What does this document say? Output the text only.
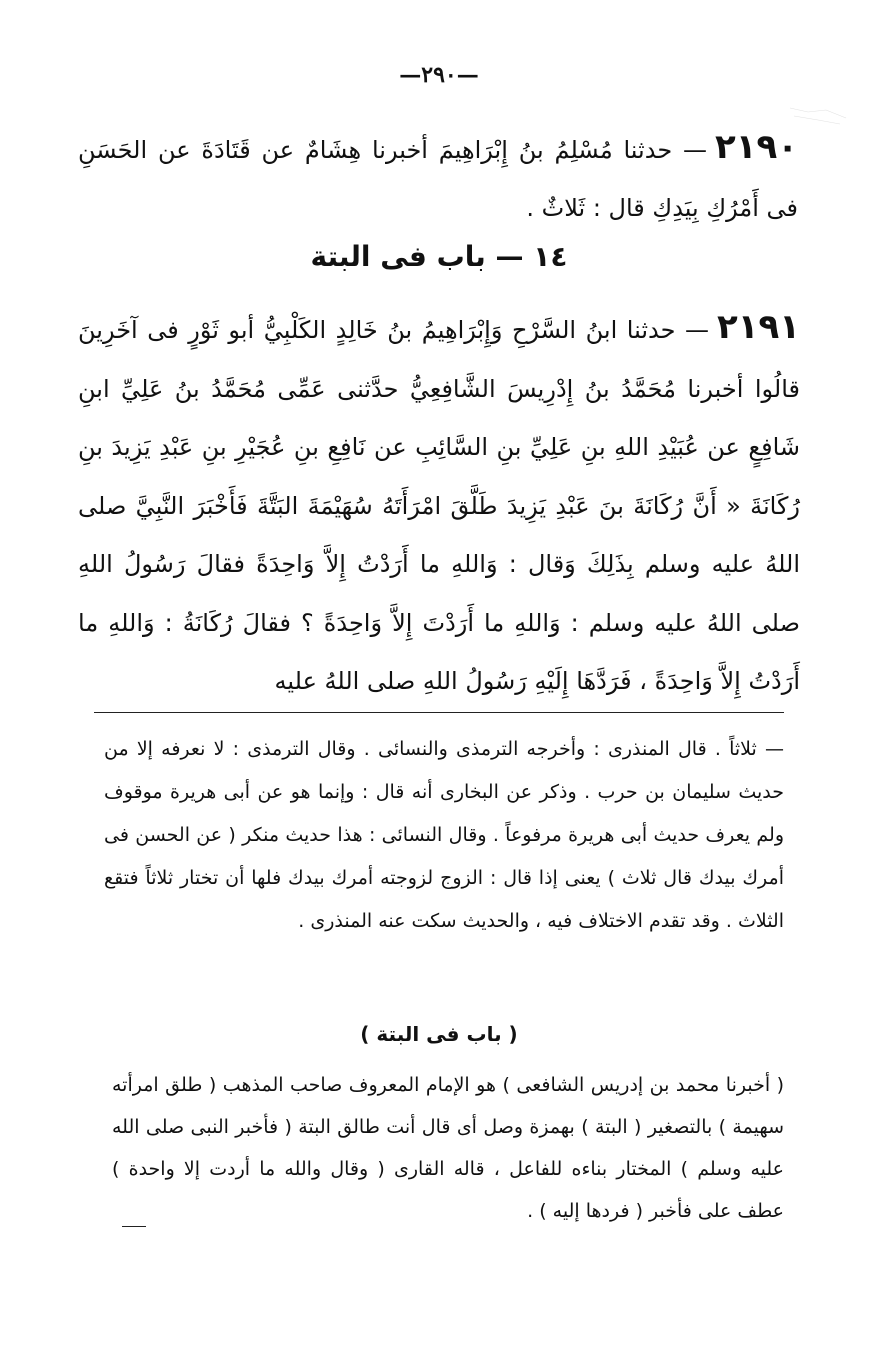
—٢٩٠—
٢١٩٠— حدثنا مُسْلِمُ بنُ إِبْرَاهِيمَ أخبرنا هِشَامٌ عن قَتَادَةَ عن الحَسَنِ فى أَمْرُكِ بِيَدِكِ قال : ثَلاثٌ .
١٤ — باب فى البتة
٢١٩١— حدثنا ابنُ السَّرْحِ وَإِبْرَاهِيمُ بنُ خَالِدٍ الكَلْبِيُّ أبو ثَوْرٍ فى آخَرِينَ قالُوا أخبرنا مُحَمَّدُ بنُ إِدْرِيسَ الشَّافِعِيُّ حدَّثنى عَمِّى مُحَمَّدُ بنُ عَلِيِّ ابنِ شَافِعٍ عن عُبَيْدِ اللهِ بنِ عَلِيِّ بنِ السَّائِبِ عن نَافِعِ بنِ عُجَيْرِ بنِ عَبْدِ يَزِيدَ بنِ رُكَانَةَ « أَنَّ رُكَانَةَ بنَ عَبْدِ يَزِيدَ طَلَّقَ امْرَأَتَهُ سُهَيْمَةَ البَتَّةَ فَأَخْبَرَ النَّبِيَّ صلى اللهُ عليه وسلم بِذَلِكَ وَقال : وَاللهِ ما أَرَدْتُ إِلاَّ وَاحِدَةً فقالَ رَسُولُ اللهِ صلى اللهُ عليه وسلم : وَاللهِ ما أَرَدْتَ إِلاَّ وَاحِدَةً ؟ فقالَ رُكَانَةُ : وَاللهِ ما أَرَدْتُ إِلاَّ وَاحِدَةً ، فَرَدَّهَا إِلَيْهِ رَسُولُ اللهِ صلى اللهُ عليه
— ثلاثاً . قال المنذرى : وأخرجه الترمذى والنسائى . وقال الترمذى : لا نعرفه إلا من حديث سليمان بن حرب . وذكر عن البخارى أنه قال : وإنما هو عن أبى هريرة موقوف ولم يعرف حديث أبى هريرة مرفوعاً . وقال النسائى : هذا حديث منكر ( عن الحسن فى أمرك بيدك قال ثلاث ) يعنى إذا قال : الزوج لزوجته أمرك بيدك فلها أن تختار ثلاثاً فتقع الثلاث . وقد تقدم الاختلاف فيه ، والحديث سكت عنه المنذرى .
( باب فى البتة )
( أخبرنا محمد بن إدريس الشافعى ) هو الإمام المعروف صاحب المذهب ( طلق امرأته سهيمة ) بالتصغير ( البتة ) بهمزة وصل أى قال أنت طالق البتة ( فأخبر النبى صلى الله عليه وسلم ) المختار بناءه للفاعل ، قاله القارى ( وقال والله ما أردت إلا واحدة ) عطف على فأخبر ( فردها إليه ) .
